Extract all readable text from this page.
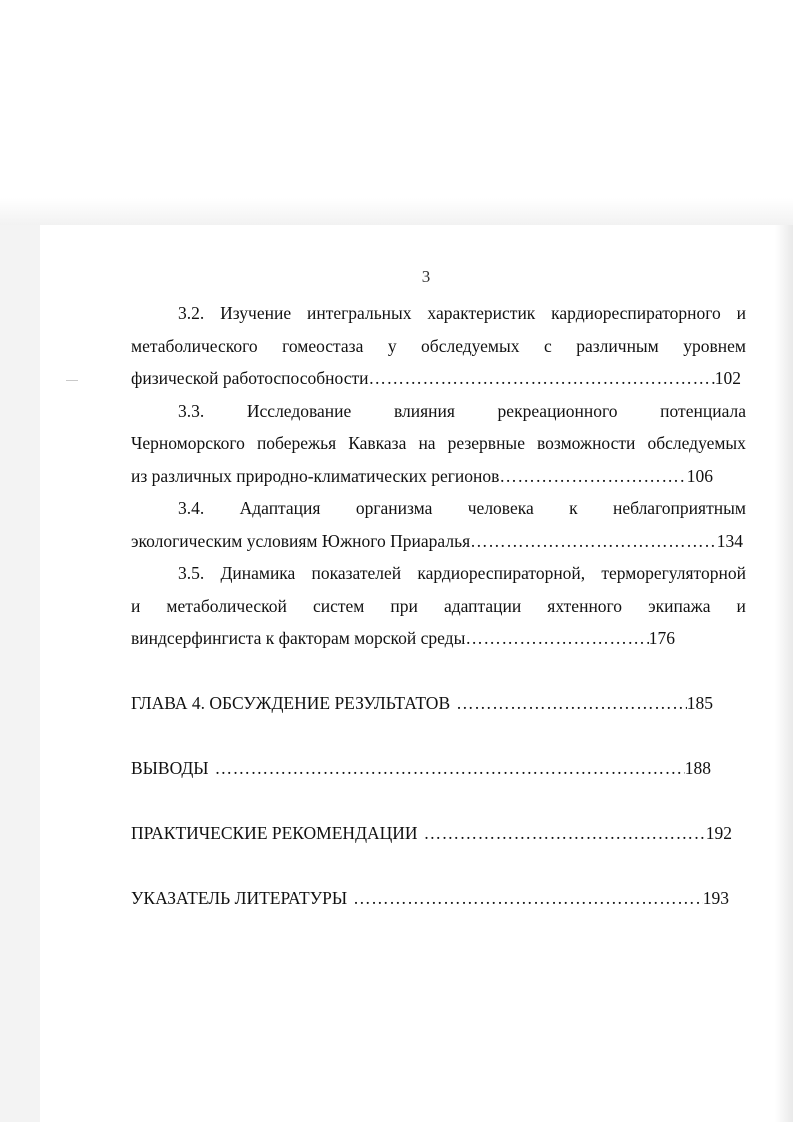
3
3.2. Изучение интегральных характеристик кардиореспираторного и
метаболического гомеостаза у обследуемых с различным уровнем
физической работоспособности …………………………………………………………………………………………………………………………………………………………	102
3.3. Исследование влияния рекреационного потенциала
Черноморского побережья Кавказа на резервные возможности обследуемых
из различных природно-климатических регионов …………………………………………………………………………………………………………………………………………………………	106
3.4. Адаптация организма человека к неблагоприятным
экологическим условиям Южного Приаралья …………………………………………………………………………………………………………………………………………………………	134
3.5. Динамика показателей кардиореспираторной, терморегуляторной
и метаболической систем при адаптации яхтенного экипажа и
виндсерфингиста к факторам морской среды …………………………………………………………………………………………………………………………………………………………	176
ГЛАВА 4. ОБСУЖДЕНИЕ РЕЗУЛЬТАТОВ …………………………………………………………………………………………………………………………………………………………	185
ВЫВОДЫ …………………………………………………………………………………………………………………………………………………………	188
ПРАКТИЧЕСКИЕ РЕКОМЕНДАЦИИ …………………………………………………………………………………………………………………………………………………………	192
УКАЗАТЕЛЬ ЛИТЕРАТУРЫ …………………………………………………………………………………………………………………………………………………………	193
